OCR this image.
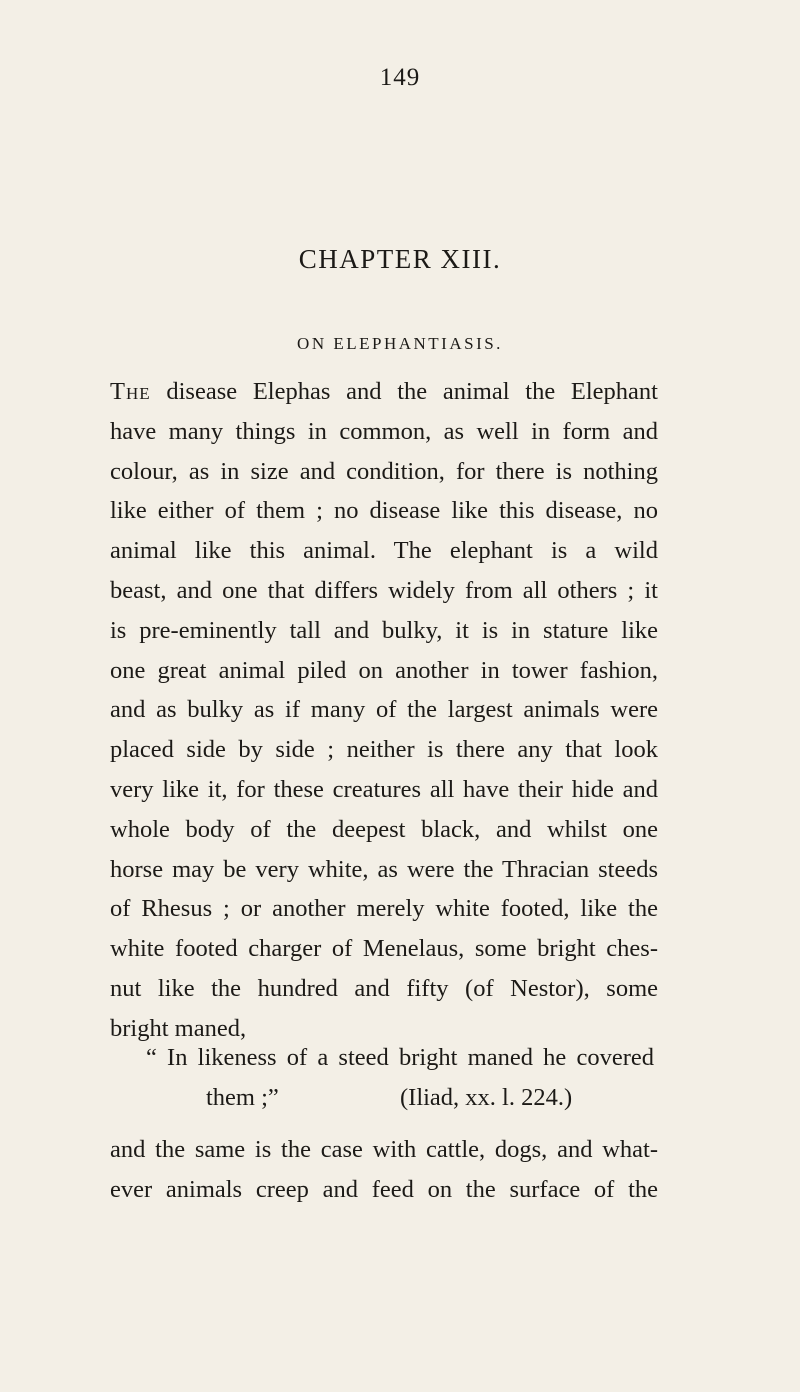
149
CHAPTER XIII.
ON ELEPHANTIASIS.
The disease Elephas and the animal the Elephant
have many things in common, as well in form and
colour, as in size and condition, for there is nothing
like either of them ; no disease like this disease, no
animal like this animal. The elephant is a wild
beast, and one that differs widely from all others ; it
is pre-eminently tall and bulky, it is in stature like
one great animal piled on another in tower fashion,
and as bulky as if many of the largest animals were
placed side by side ; neither is there any that look
very like it, for these creatures all have their hide and
whole body of the deepest black, and whilst one
horse may be very white, as were the Thracian steeds
of Rhesus ; or another merely white footed, like the
white footed charger of Menelaus, some bright ches-
nut like the hundred and fifty (of Nestor), some
bright maned,
“ In likeness of a steed bright maned he covered
them ;”	(Iliad, xx. l. 224.)
and the same is the case with cattle, dogs, and what-
ever animals creep and feed on the surface of the
